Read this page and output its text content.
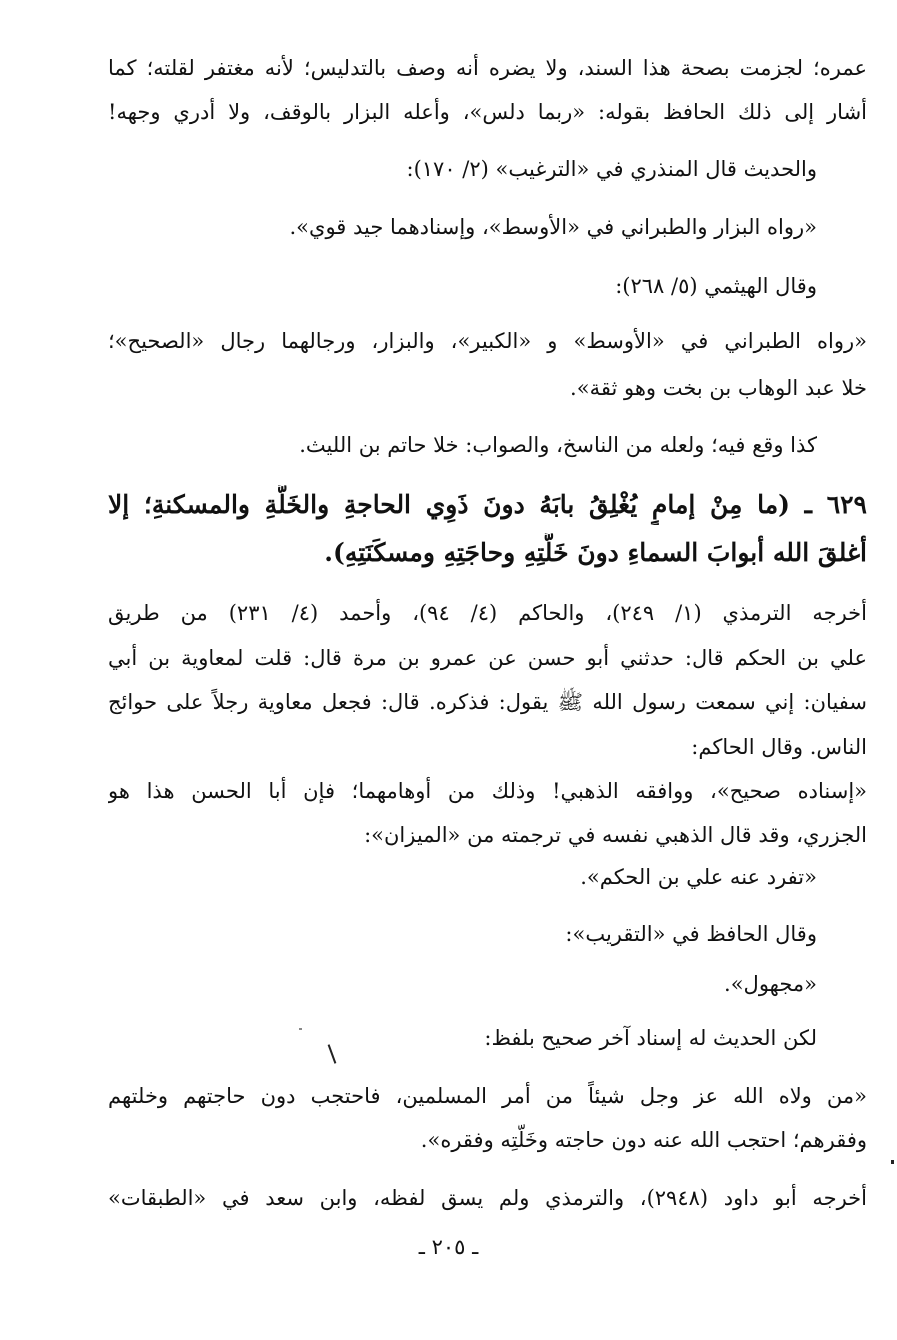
عمره؛ لجزمت بصحة هذا السند، ولا يضره أنه وصف بالتدليس؛ لأنه مغتفر لقلته؛ كما
أشار إلى ذلك الحافظ بقوله: «ربما دلس»، وأعله البزار بالوقف، ولا أدري وجهه!
والحديث قال المنذري في «الترغيب» (٢/ ١٧٠):
«رواه البزار والطبراني في «الأوسط»، وإسنادهما جيد قوي».
وقال الهيثمي (٥/ ٢٦٨):
«رواه الطبراني في «الأوسط» و «الكبير»، والبزار، ورجالهما رجال «الصحيح»؛
خلا عبد الوهاب بن بخت وهو ثقة».
كذا وقع فيه؛ ولعله من الناسخ، والصواب: خلا حاتم بن الليث.
٦٢٩ ـ (ما مِنْ إمامٍ يُغْلِقُ بابَهُ دونَ ذَوِي الحاجةِ والخَلَّةِ والمسكنةِ؛ إلا
أغلقَ الله أبوابَ السماءِ دونَ خَلَّتِهِ وحاجَتِهِ ومسكَنَتِهِ).
أخرجه الترمذي (١/ ٢٤٩)، والحاكم (٤/ ٩٤)، وأحمد (٤/ ٢٣١) من طريق
علي بن الحكم قال: حدثني أبو حسن عن عمرو بن مرة قال: قلت لمعاوية بن أبي
سفيان: إني سمعت رسول الله ﷺ يقول: فذكره. قال: فجعل معاوية رجلاً على حوائج
الناس. وقال الحاكم:
«إسناده صحيح»، ووافقه الذهبي! وذلك من أوهامهما؛ فإن أبا الحسن هذا هو
الجزري، وقد قال الذهبي نفسه في ترجمته من «الميزان»:
«تفرد عنه علي بن الحكم».
وقال الحافظ في «التقريب»:
«مجهول».
لكن الحديث له إسناد آخر صحيح بلفظ:
«من ولاه الله عز وجل شيئاً من أمر المسلمين، فاحتجب دون حاجتهم وخلتهم
وفقرهم؛ احتجب الله عنه دون حاجته وخَلَّتِه وفقره».
أخرجه أبو داود (٢٩٤٨)، والترمذي ولم يسق لفظه، وابن سعد في «الطبقات»
ـ ٢٠٥ ـ
